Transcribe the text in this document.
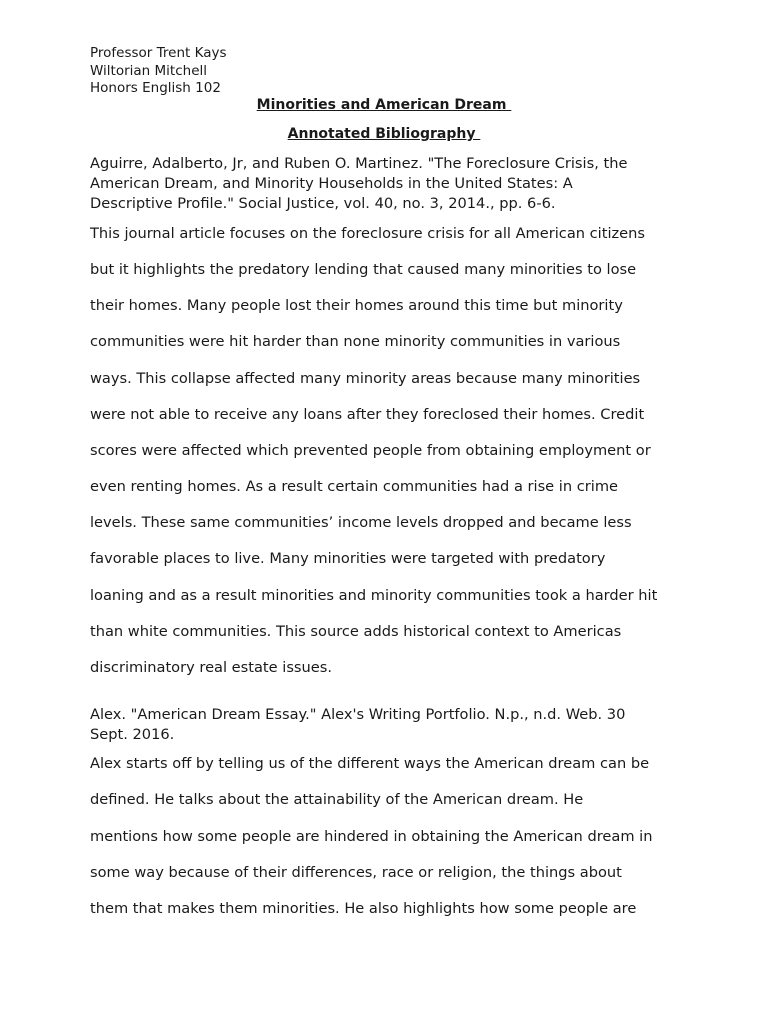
Professor Trent Kays
Wiltorian Mitchell
Honors English 102
Minorities and American Dream
Annotated Bibliography
Aguirre, Adalberto, Jr, and Ruben O. Martinez. "The Foreclosure Crisis, the
American Dream, and Minority Households in the United States: A
Descriptive Profile." Social Justice, vol. 40, no. 3, 2014., pp. 6-6.
This journal article focuses on the foreclosure crisis for all American citizens
but it highlights the predatory lending that caused many minorities to lose
their homes. Many people lost their homes around this time but minority
communities were hit harder than none minority communities in various
ways. This collapse affected many minority areas because many minorities
were not able to receive any loans after they foreclosed their homes. Credit
scores were affected which prevented people from obtaining employment or
even renting homes. As a result certain communities had a rise in crime
levels. These same communities’ income levels dropped and became less
favorable places to live. Many minorities were targeted with predatory
loaning and as a result minorities and minority communities took a harder hit
than white communities. This source adds historical context to Americas
discriminatory real estate issues.
Alex. "American Dream Essay." Alex's Writing Portfolio. N.p., n.d. Web. 30
Sept. 2016.
Alex starts off by telling us of the different ways the American dream can be
defined. He talks about the attainability of the American dream. He
mentions how some people are hindered in obtaining the American dream in
some way because of their differences, race or religion, the things about
them that makes them minorities. He also highlights how some people are
